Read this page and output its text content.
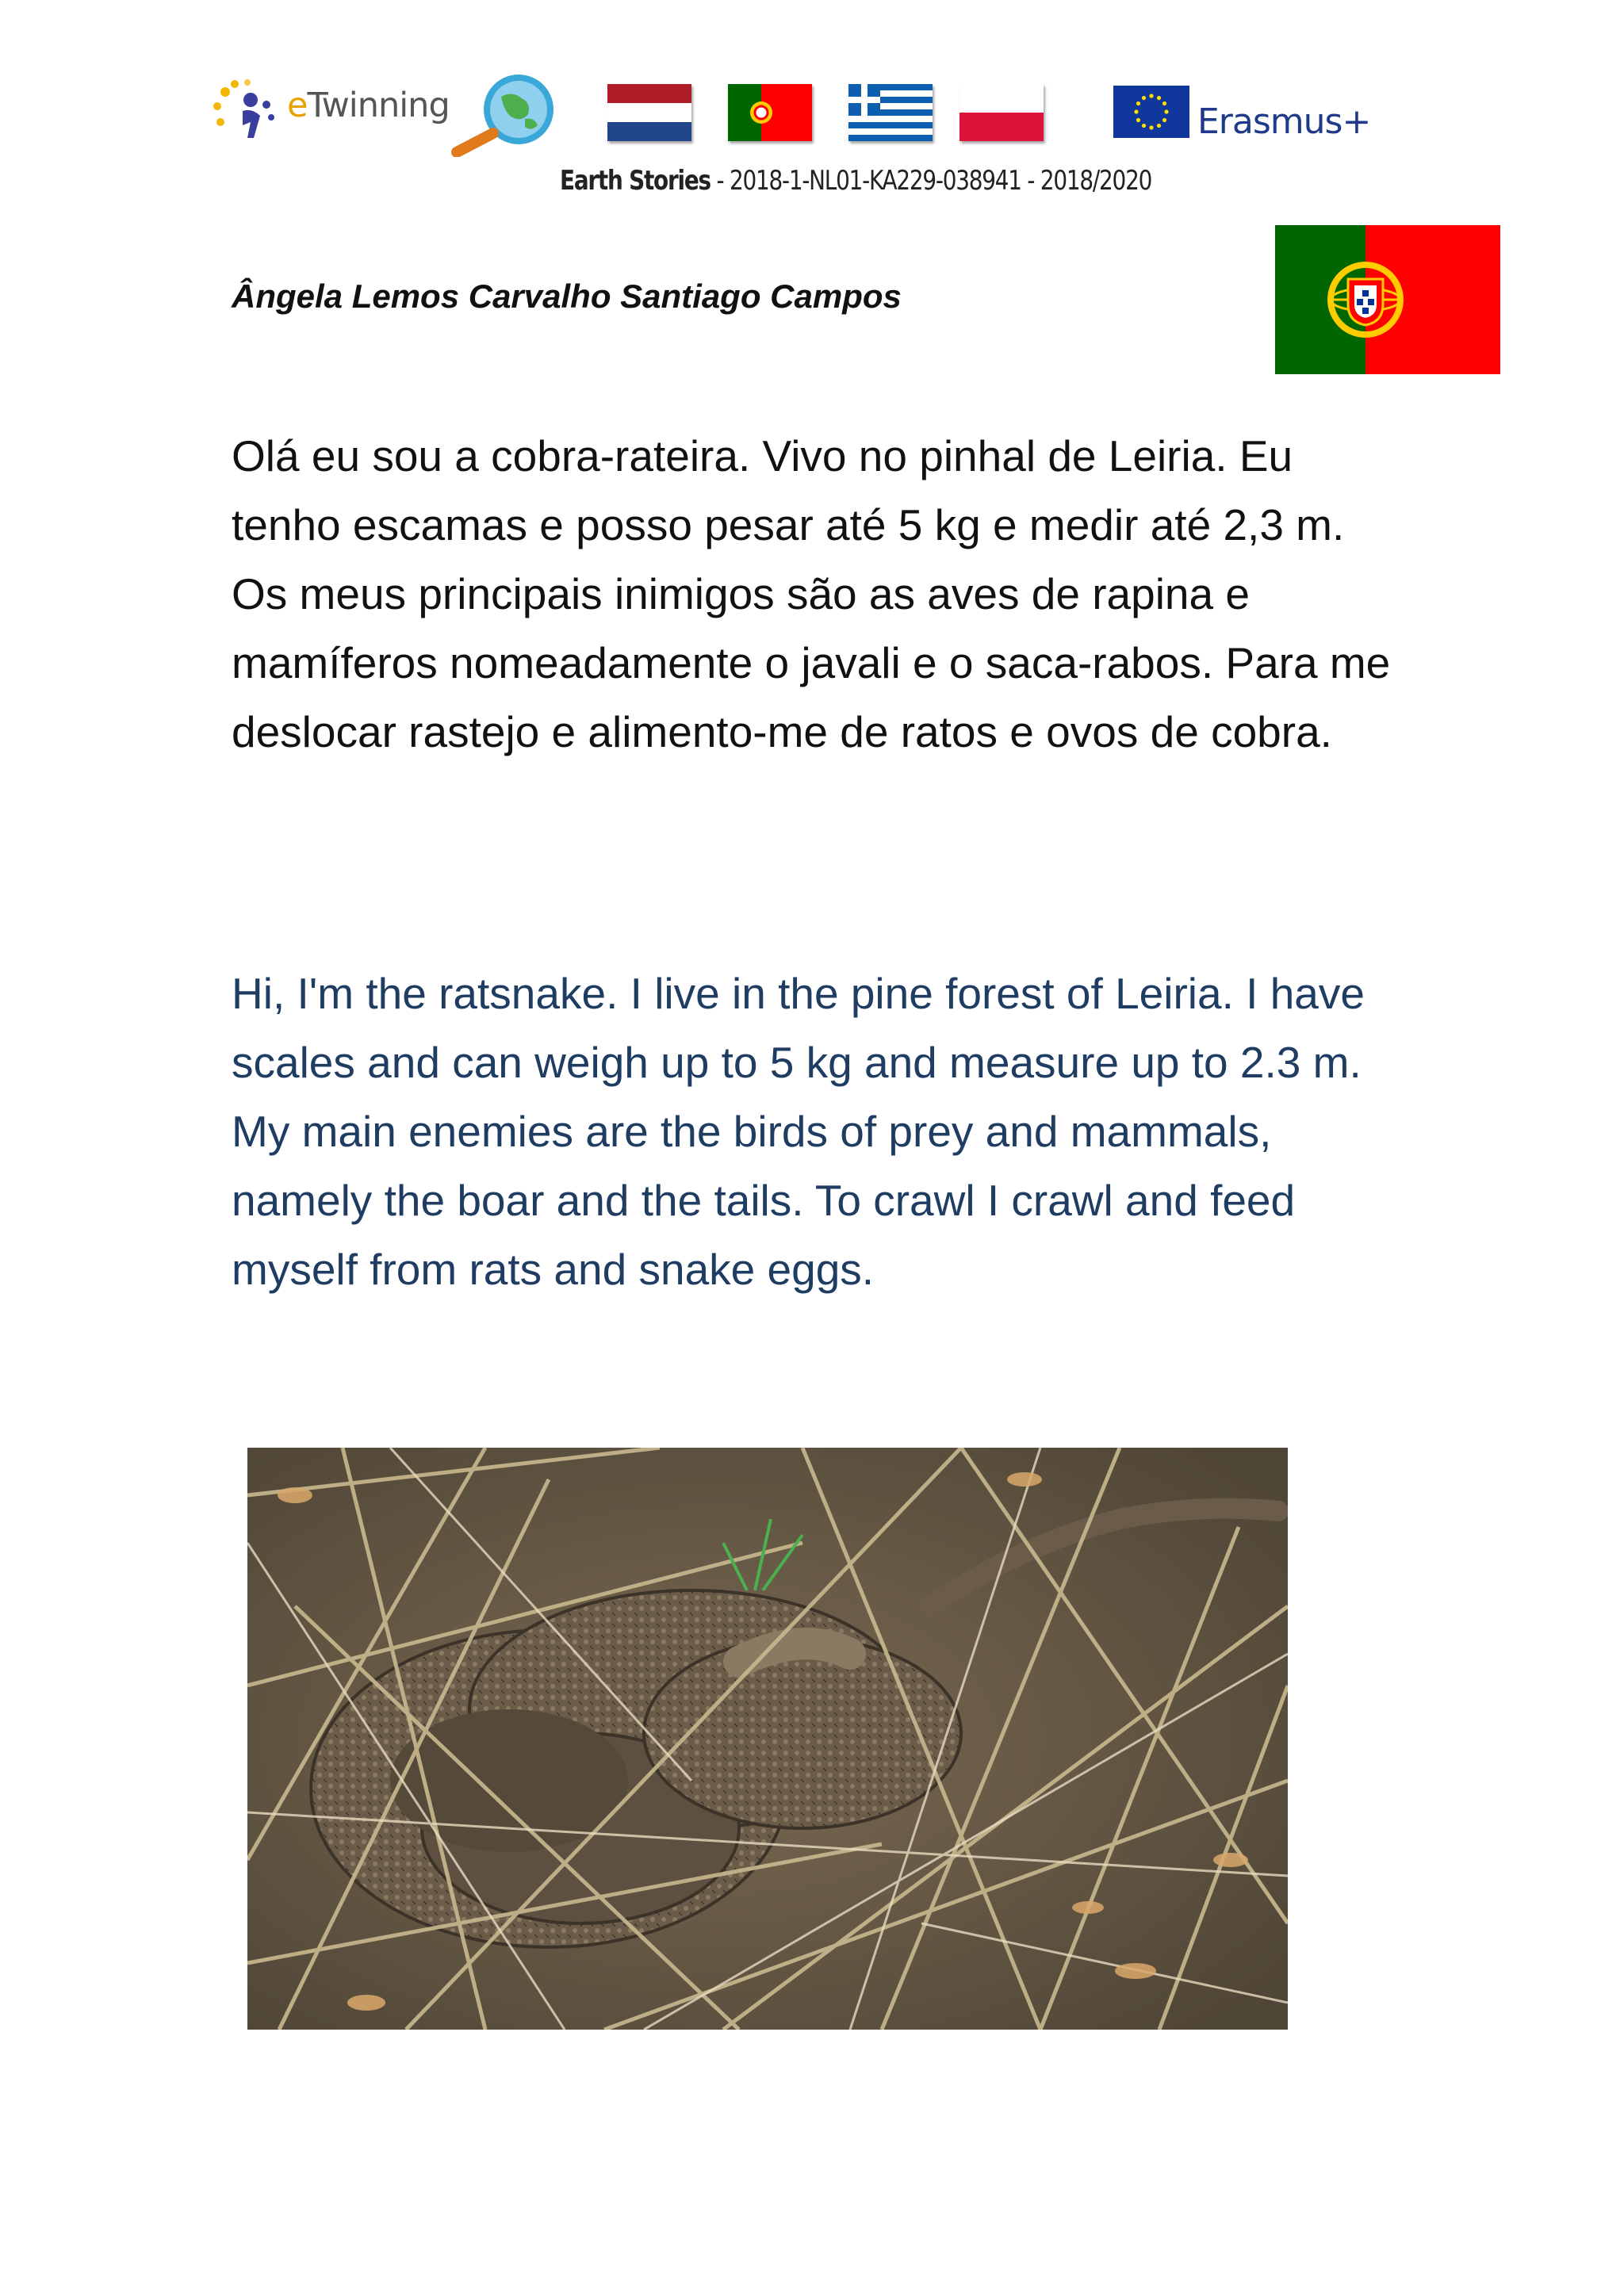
eTwinning	Erasmus+
Earth Stories - 2018-1-NL01-KA229-038941 - 2018/2020
Ângela Lemos Carvalho Santiago Campos
Olá eu sou a cobra-rateira. Vivo no pinhal de Leiria. Eu tenho escamas e posso pesar até 5 kg e medir até 2,3 m. Os meus principais inimigos são as aves de rapina e mamíferos nomeadamente o javali e o saca-rabos. Para me deslocar rastejo e alimento-me de ratos e ovos de cobra.
Hi, I'm the ratsnake. I live in the pine forest of Leiria. I have scales and can weigh up to 5 kg and measure up to 2.3 m. My main enemies are the birds of prey and mammals, namely the boar and the tails. To crawl I crawl and feed myself from rats and snake eggs.
